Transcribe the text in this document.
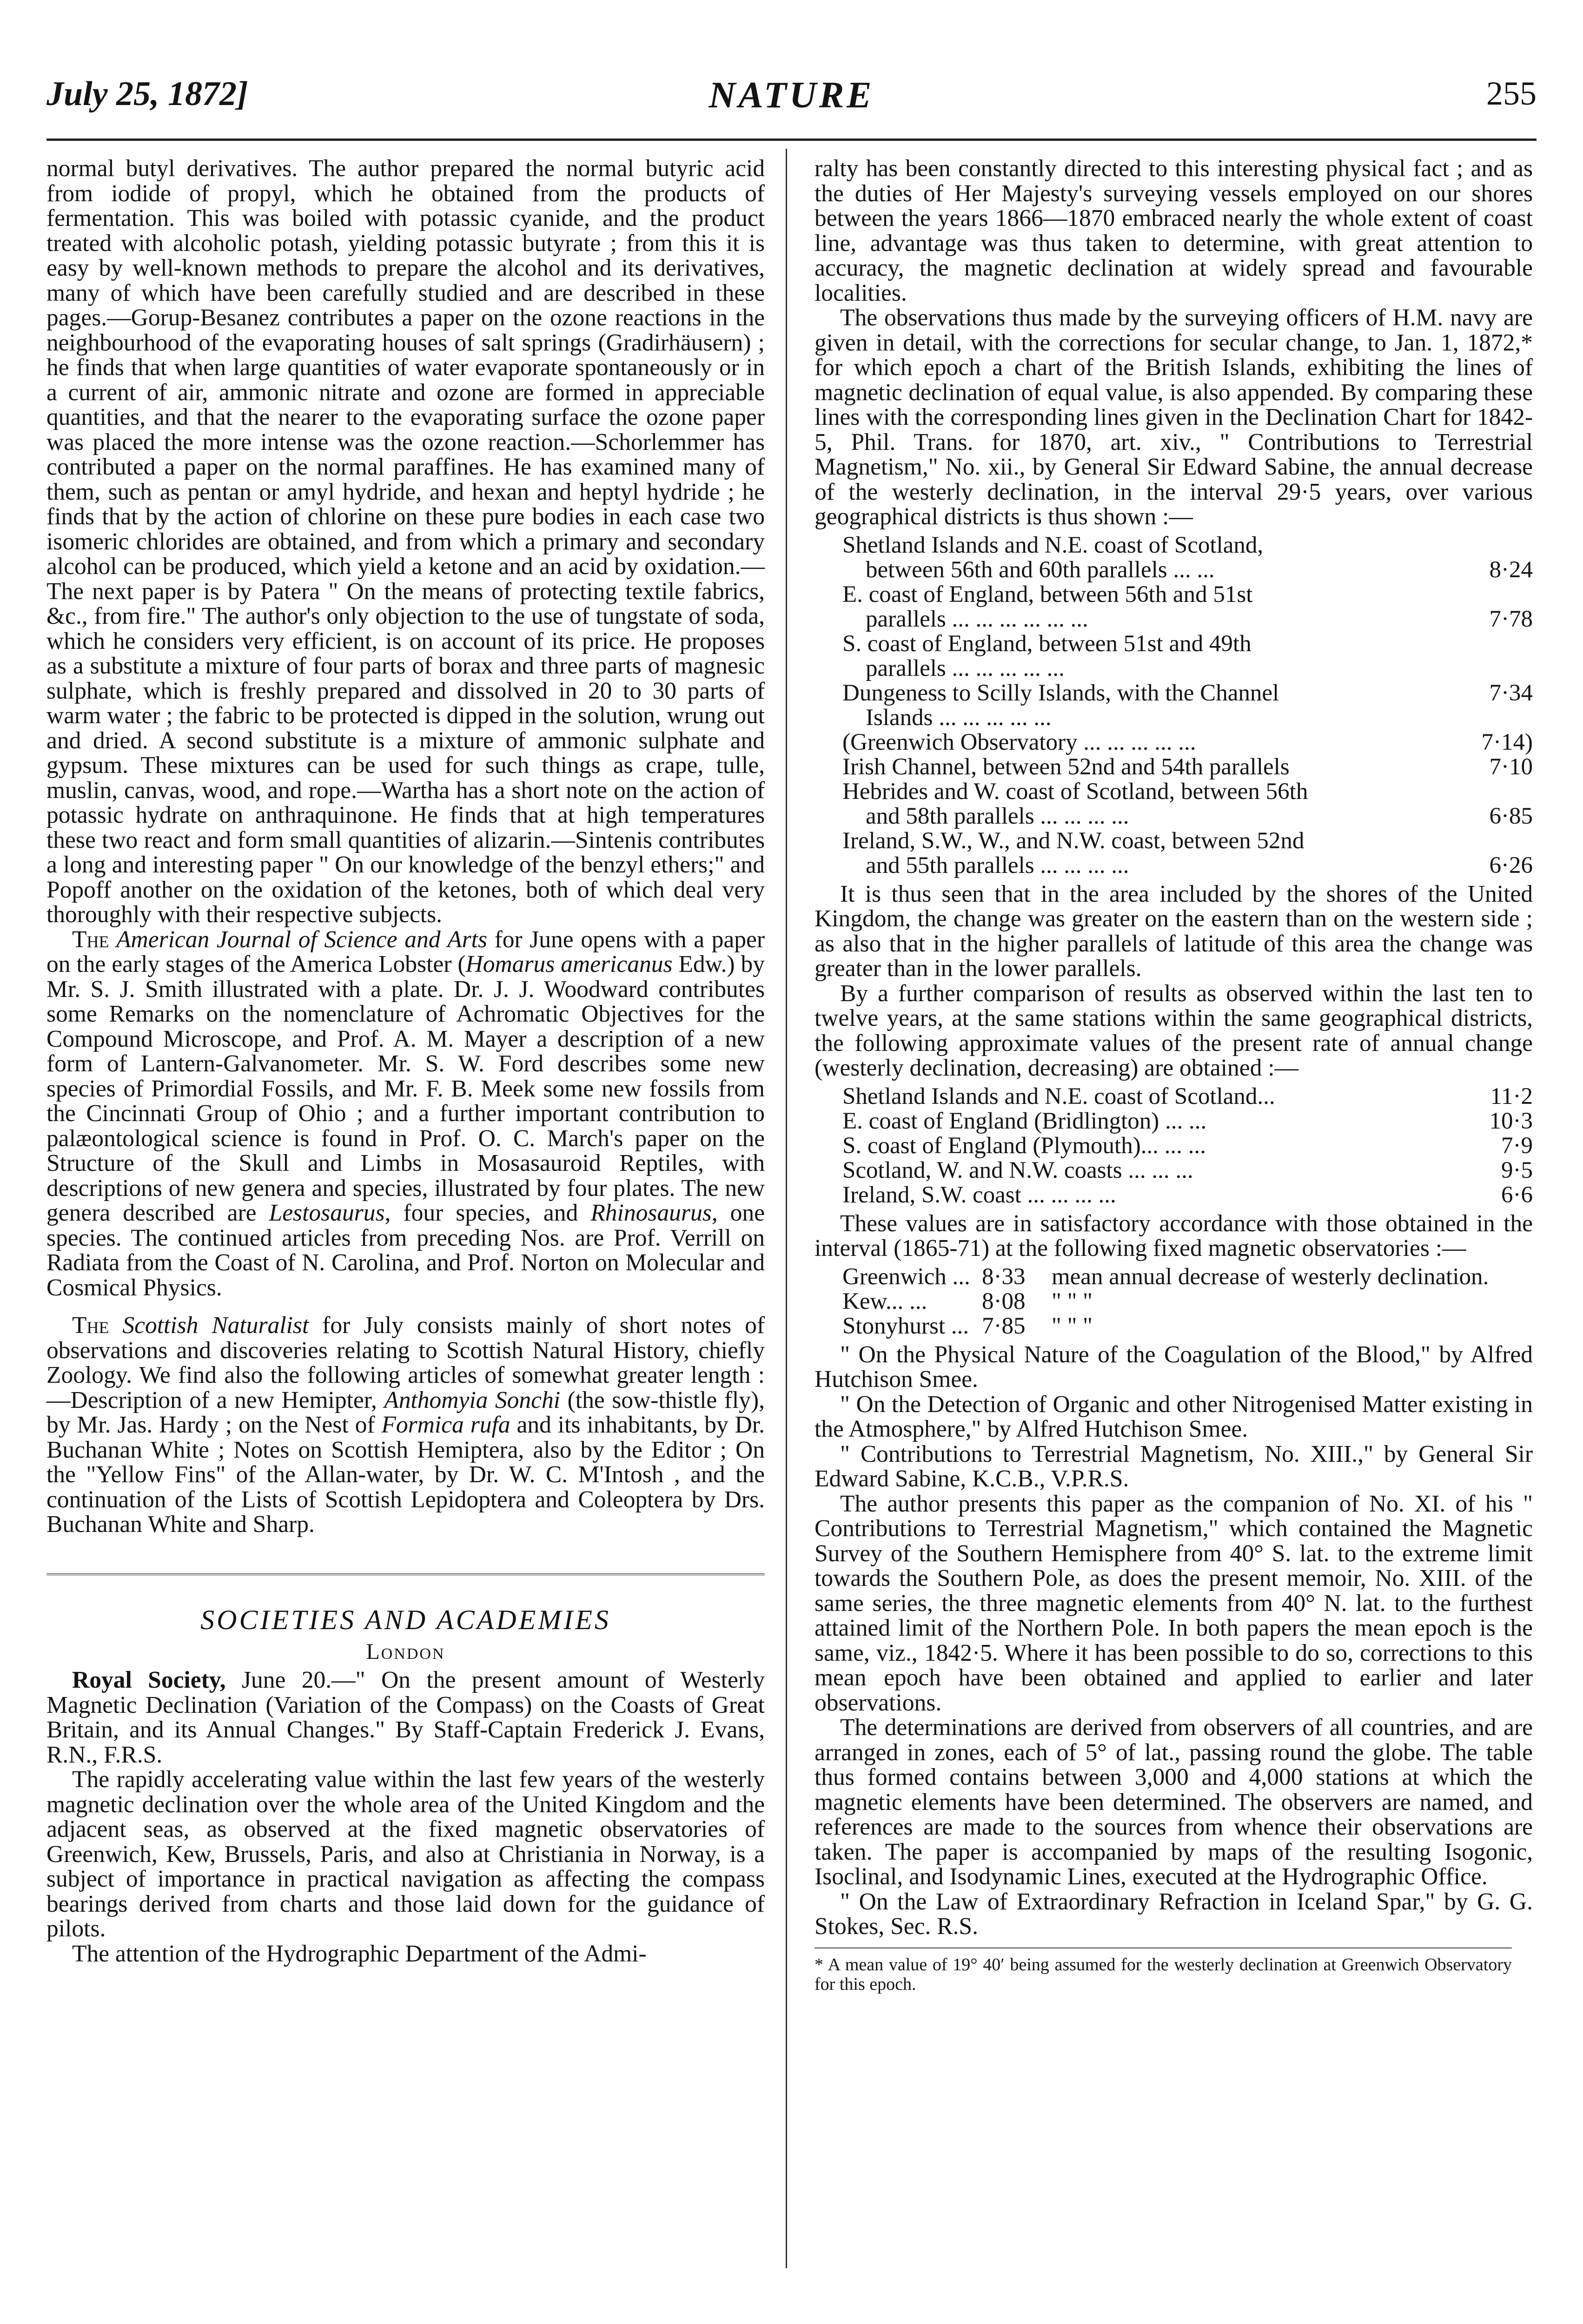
July 25, 1872]	NATURE	255

normal butyl derivatives. The author prepared the normal butyric acid from iodide of propyl, which he obtained from the products of fermentation. This was boiled with potassic cyanide, and the product treated with alcoholic potash, yielding potassic butyrate ; from this it is easy by well-known methods to prepare the alcohol and its derivatives, many of which have been carefully studied and are described in these pages.—Gorup-Besanez contributes a paper on the ozone reactions in the neighbourhood of the evaporating houses of salt springs (Gradirhäusern) ; he finds that when large quantities of water evaporate spontaneously or in a current of air, ammonic nitrate and ozone are formed in appreciable quantities, and that the nearer to the evaporating surface the ozone paper was placed the more intense was the ozone reaction.—Schorlemmer has contributed a paper on the normal paraffines. He has examined many of them, such as pentan or amyl hydride, and hexan and heptyl hydride ; he finds that by the action of chlorine on these pure bodies in each case two isomeric chlorides are obtained, and from which a primary and secondary alcohol can be produced, which yield a ketone and an acid by oxidation.—The next paper is by Patera " On the means of protecting textile fabrics, &c., from fire." The author's only objection to the use of tungstate of soda, which he considers very efficient, is on account of its price. He proposes as a substitute a mixture of four parts of borax and three parts of magnesic sulphate, which is freshly prepared and dissolved in 20 to 30 parts of warm water ; the fabric to be protected is dipped in the solution, wrung out and dried. A second substitute is a mixture of ammonic sulphate and gypsum. These mixtures can be used for such things as crape, tulle, muslin, canvas, wood, and rope.—Wartha has a short note on the action of potassic hydrate on anthraquinone. He finds that at high temperatures these two react and form small quantities of alizarin.—Sintenis contributes a long and interesting paper " On our knowledge of the benzyl ethers;" and Popoff another on the oxidation of the ketones, both of which deal very thoroughly with their respective subjects.

The American Journal of Science and Arts for June opens with a paper on the early stages of the America Lobster (Homarus americanus Edw.) by Mr. S. J. Smith illustrated with a plate. Dr. J. J. Woodward contributes some Remarks on the nomenclature of Achromatic Objectives for the Compound Microscope, and Prof. A. M. Mayer a description of a new form of Lantern-Galvanometer. Mr. S. W. Ford describes some new species of Primordial Fossils, and Mr. F. B. Meek some new fossils from the Cincinnati Group of Ohio ; and a further important contribution to palæontological science is found in Prof. O. C. March's paper on the Structure of the Skull and Limbs in Mosasauroid Reptiles, with descriptions of new genera and species, illustrated by four plates. The new genera described are Lestosaurus, four species, and Rhinosaurus, one species. The continued articles from preceding Nos. are Prof. Verrill on Radiata from the Coast of N. Carolina, and Prof. Norton on Molecular and Cosmical Physics.

The Scottish Naturalist for July consists mainly of short notes of observations and discoveries relating to Scottish Natural History, chiefly Zoology. We find also the following articles of somewhat greater length :—Description of a new Hemipter, Anthomyia Sonchi (the sow-thistle fly), by Mr. Jas. Hardy ; on the Nest of Formica rufa and its inhabitants, by Dr. Buchanan White ; Notes on Scottish Hemiptera, also by the Editor ; On the "Yellow Fins" of the Allan-water, by Dr. W. C. M'Intosh , and the continuation of the Lists of Scottish Lepidoptera and Coleoptera by Drs. Buchanan White and Sharp.

SOCIETIES AND ACADEMIES
London

Royal Society, June 20.—" On the present amount of Westerly Magnetic Declination (Variation of the Compass) on the Coasts of Great Britain, and its Annual Changes." By Staff-Captain Frederick J. Evans, R.N., F.R.S.

The rapidly accelerating value within the last few years of the westerly magnetic declination over the whole area of the United Kingdom and the adjacent seas, as observed at the fixed magnetic observatories of Greenwich, Kew, Brussels, Paris, and also at Christiania in Norway, is a subject of importance in practical navigation as affecting the compass bearings derived from charts and those laid down for the guidance of pilots.

The attention of the Hydrographic Department of the Admi-

ralty has been constantly directed to this interesting physical fact ; and as the duties of Her Majesty's surveying vessels employed on our shores between the years 1866—1870 embraced nearly the whole extent of coast line, advantage was thus taken to determine, with great attention to accuracy, the magnetic declination at widely spread and favourable localities.

The observations thus made by the surveying officers of H.M. navy are given in detail, with the corrections for secular change, to Jan. 1, 1872,* for which epoch a chart of the British Islands, exhibiting the lines of magnetic declination of equal value, is also appended. By comparing these lines with the corresponding lines given in the Declination Chart for 1842-5, Phil. Trans. for 1870, art. xiv., " Contributions to Terrestrial Magnetism," No. xii., by General Sir Edward Sabine, the annual decrease of the westerly declination, in the interval 29·5 years, over various geographical districts is thus shown :—

Shetland Islands and N.E. coast of Scotland,	
between 56th and 60th parallels ... ...	8·24
E. coast of England, between 56th and 51st	
parallels ... ... ... ... ... ...	7·78
S. coast of England, between 51st and 49th	
parallels ... ... ... ... ...	
Dungeness to Scilly Islands, with the Channel	7·34
Islands ... ... ... ... ...	
(Greenwich Observatory ... ... ... ... ...	7·14)
Irish Channel, between 52nd and 54th parallels	7·10
Hebrides and W. coast of Scotland, between 56th	
and 58th parallels ... ... ... ...	6·85
Ireland, S.W., W., and N.W. coast, between 52nd	
and 55th parallels ... ... ... ...	6·26

It is thus seen that in the area included by the shores of the United Kingdom, the change was greater on the eastern than on the western side ; as also that in the higher parallels of latitude of this area the change was greater than in the lower parallels.

By a further comparison of results as observed within the last ten to twelve years, at the same stations within the same geographical districts, the following approximate values of the present rate of annual change (westerly declination, decreasing) are obtained :—

Shetland Islands and N.E. coast of Scotland...	11·2
E. coast of England (Bridlington) ... ...	10·3
S. coast of England (Plymouth)... ... ...	7·9
Scotland, W. and N.W. coasts ... ... ...	9·5
Ireland, S.W. coast ... ... ... ...	6·6

These values are in satisfactory accordance with those obtained in the interval (1865-71) at the following fixed magnetic observatories :—

Greenwich ... 8·33	mean annual decrease of westerly declination.
Kew... ...	8·08	" " "
Stonyhurst ... 7·85	" " "

" On the Physical Nature of the Coagulation of the Blood," by Alfred Hutchison Smee.

" On the Detection of Organic and other Nitrogenised Matter existing in the Atmosphere," by Alfred Hutchison Smee.

" Contributions to Terrestrial Magnetism, No. XIII.," by General Sir Edward Sabine, K.C.B., V.P.R.S.

The author presents this paper as the companion of No. XI. of his " Contributions to Terrestrial Magnetism," which contained the Magnetic Survey of the Southern Hemisphere from 40° S. lat. to the extreme limit towards the Southern Pole, as does the present memoir, No. XIII. of the same series, the three magnetic elements from 40° N. lat. to the furthest attained limit of the Northern Pole. In both papers the mean epoch is the same, viz., 1842·5. Where it has been possible to do so, corrections to this mean epoch have been obtained and applied to earlier and later observations.

The determinations are derived from observers of all countries, and are arranged in zones, each of 5° of lat., passing round the globe. The table thus formed contains between 3,000 and 4,000 stations at which the magnetic elements have been determined. The observers are named, and references are made to the sources from whence their observations are taken. The paper is accompanied by maps of the resulting Isogonic, Isoclinal, and Isodynamic Lines, executed at the Hydrographic Office.

" On the Law of Extraordinary Refraction in Iceland Spar," by G. G. Stokes, Sec. R.S.

* A mean value of 19° 40′ being assumed for the westerly declination at Greenwich Observatory for this epoch.
